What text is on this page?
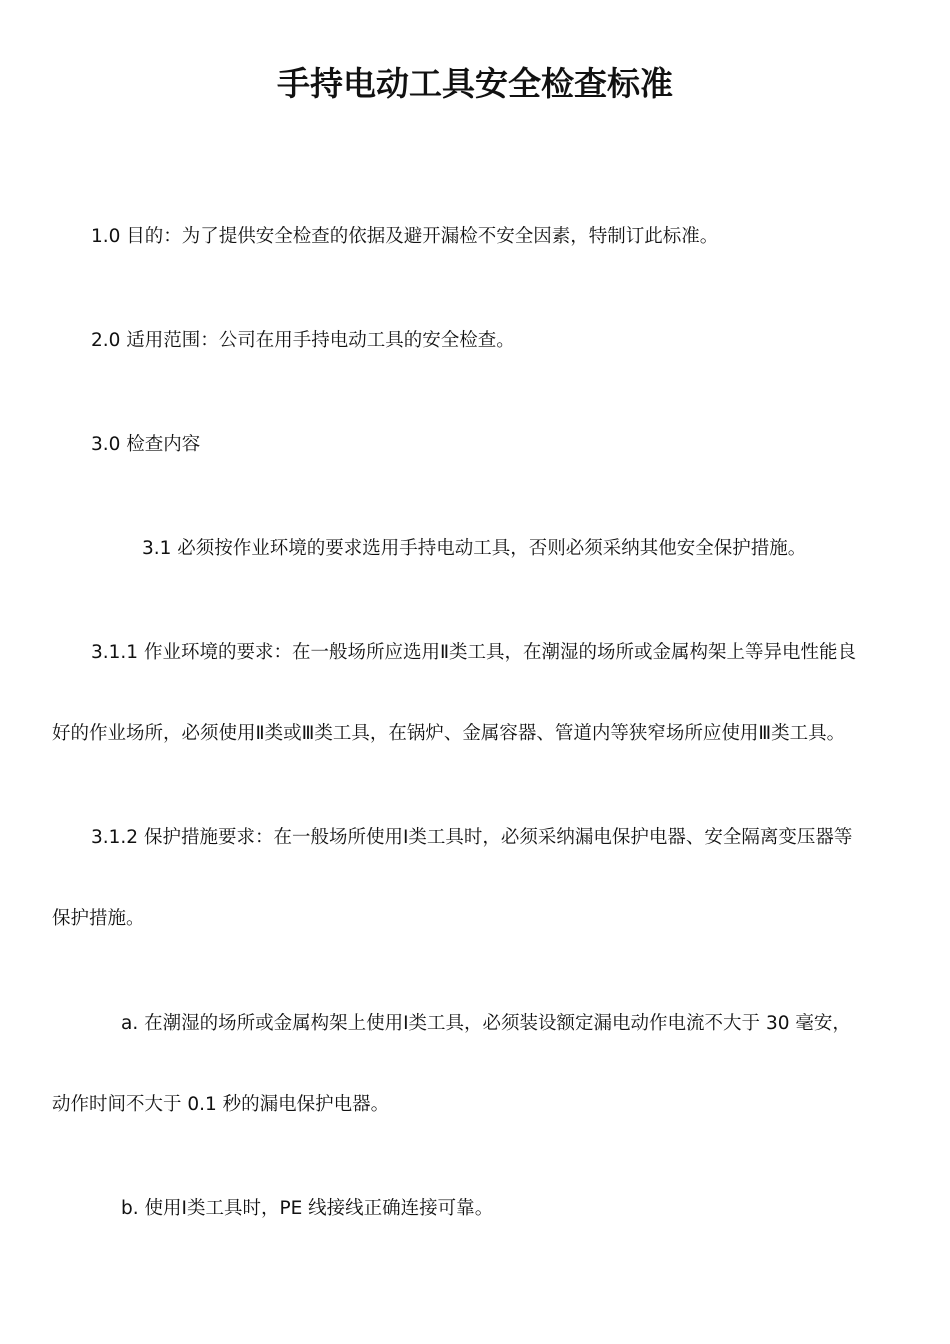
手持电动工具安全检查标准
1.0 目的：为了提供安全检查的依据及避开漏检不安全因素，特制订此标准。
2.0 适用范围：公司在用手持电动工具的安全检查。
3.0 检查内容
3.1 必须按作业环境的要求选用手持电动工具，否则必须采纳其他安全保护措施。
3.1.1 作业环境的要求：在一般场所应选用Ⅱ类工具，在潮湿的场所或金属构架上等异电性能良
好的作业场所，必须使用Ⅱ类或Ⅲ类工具，在锅炉、金属容器、管道内等狭窄场所应使用Ⅲ类工具。
3.1.2 保护措施要求：在一般场所使用Ⅰ类工具时，必须采纳漏电保护电器、安全隔离变压器等
保护措施。
a. 在潮湿的场所或金属构架上使用Ⅰ类工具，必须装设额定漏电动作电流不大于 30 毫安，
动作时间不大于 0.1 秒的漏电保护电器。
b. 使用Ⅰ类工具时，PE 线接线正确连接可靠。
